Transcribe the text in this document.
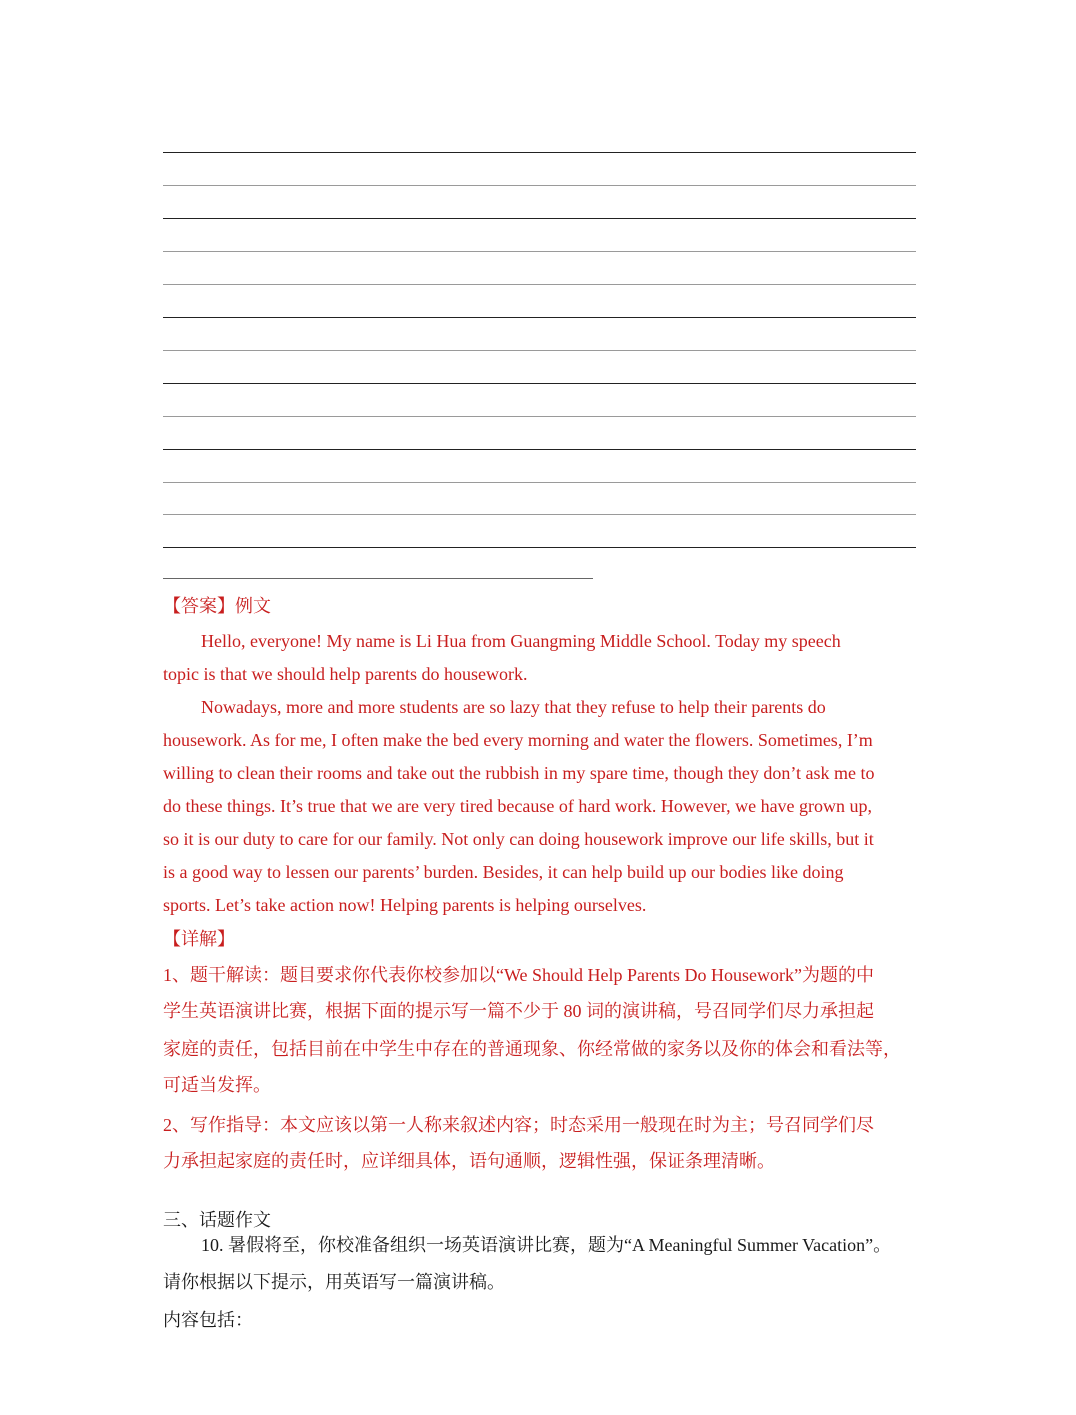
【答案】例文
Hello, everyone! My name is Li Hua from Guangming Middle School. Today my speech
topic is that we should help parents do housework.
Nowadays, more and more students are so lazy that they refuse to help their parents do
housework. As for me, I often make the bed every morning and water the flowers. Sometimes, I’m
willing to clean their rooms and take out the rubbish in my spare time, though they don’t ask me to
do these things. It’s true that we are very tired because of hard work. However, we have grown up,
so it is our duty to care for our family. Not only can doing housework improve our life skills, but it
is a good way to lessen our parents’ burden. Besides, it can help build up our bodies like doing
sports. Let’s take action now! Helping parents is helping ourselves.
【详解】
1、题干解读：题目要求你代表你校参加以“We Should Help Parents Do Housework”为题的中
学生英语演讲比赛，根据下面的提示写一篇不少于 80 词的演讲稿，号召同学们尽力承担起
家庭的责任，包括目前在中学生中存在的普通现象、你经常做的家务以及你的体会和看法等，
可适当发挥。
2、写作指导：本文应该以第一人称来叙述内容；时态采用一般现在时为主；号召同学们尽
力承担起家庭的责任时，应详细具体，语句通顺，逻辑性强，保证条理清晰。
三、话题作文
10. 暑假将至，你校准备组织一场英语演讲比赛，题为“A Meaningful Summer Vacation”。
请你根据以下提示，用英语写一篇演讲稿。
内容包括：
